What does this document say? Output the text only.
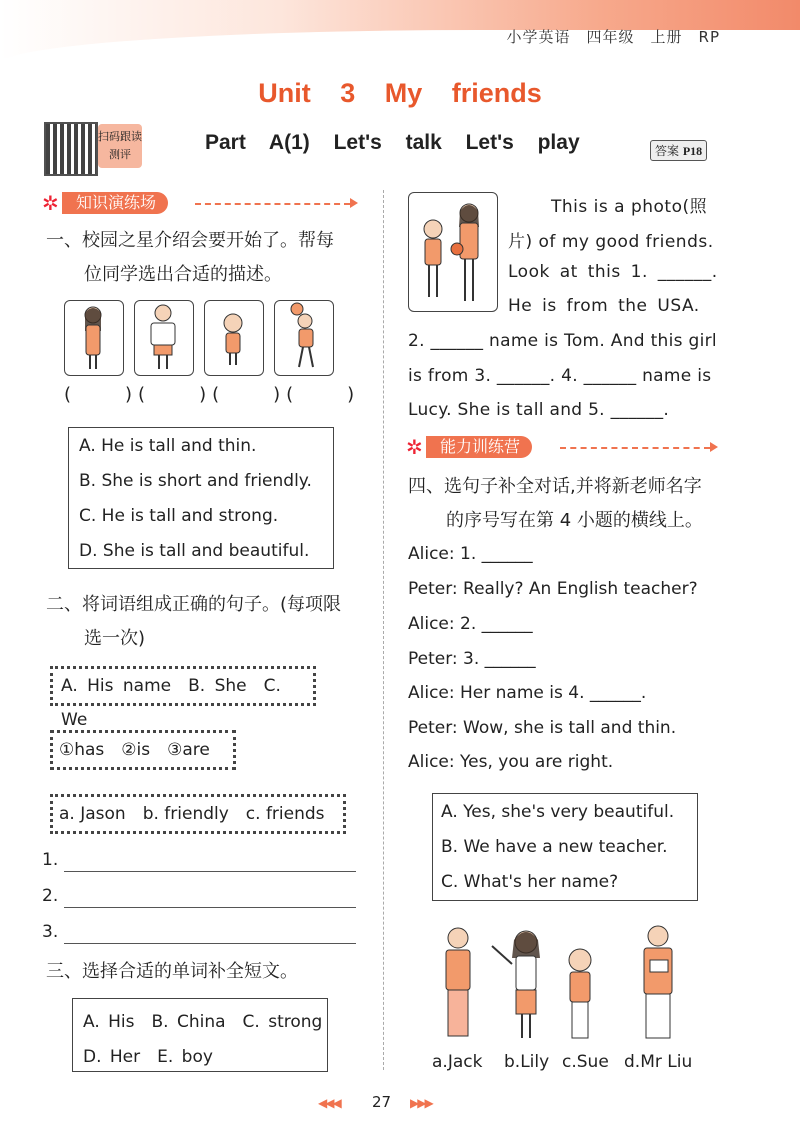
小学英语　四年级　上册　RP
Unit 3 My friends
扫码跟读测评
Part A(1) Let's talk Let's play	答案 P18
✲	知识演练场
一、校园之星介绍会要开始了。帮每
位同学选出合适的描述。
(　　)(　　)(　　)(　　)
A. He is tall and thin.
B. She is short and friendly.
C. He is tall and strong.
D. She is tall and beautiful.
二、将词语组成正确的句子。(每项限
选一次)
A. His name　B. She　C. We
①has　②is　③are
a. Jason　b. friendly　c. friends
1.
2.
3.
三、选择合适的单词补全短文。
A. His　B. China　C. strong
D. Her　E. boy
This is a photo(照
片) of my good friends.
Look at this 1. ______.
He is from the USA.
2. ______ name is Tom. And this girl
is from 3. ______. 4. ______ name is
Lucy. She is tall and 5. ______.
✲	能力训练营
四、选句子补全对话,并将新老师名字
的序号写在第 4 小题的横线上。
Alice: 1. ______
Peter: Really? An English teacher?
Alice: 2. ______
Peter: 3. ______
Alice: Her name is 4. ______.
Peter: Wow, she is tall and thin.
Alice: Yes, you are right.
A. Yes, she's very beautiful.
B. We have a new teacher.
C. What's her name?
a.Jack b.Lily c.Sue d.Mr Liu
◀◀◀ 27 ▶▶▶
